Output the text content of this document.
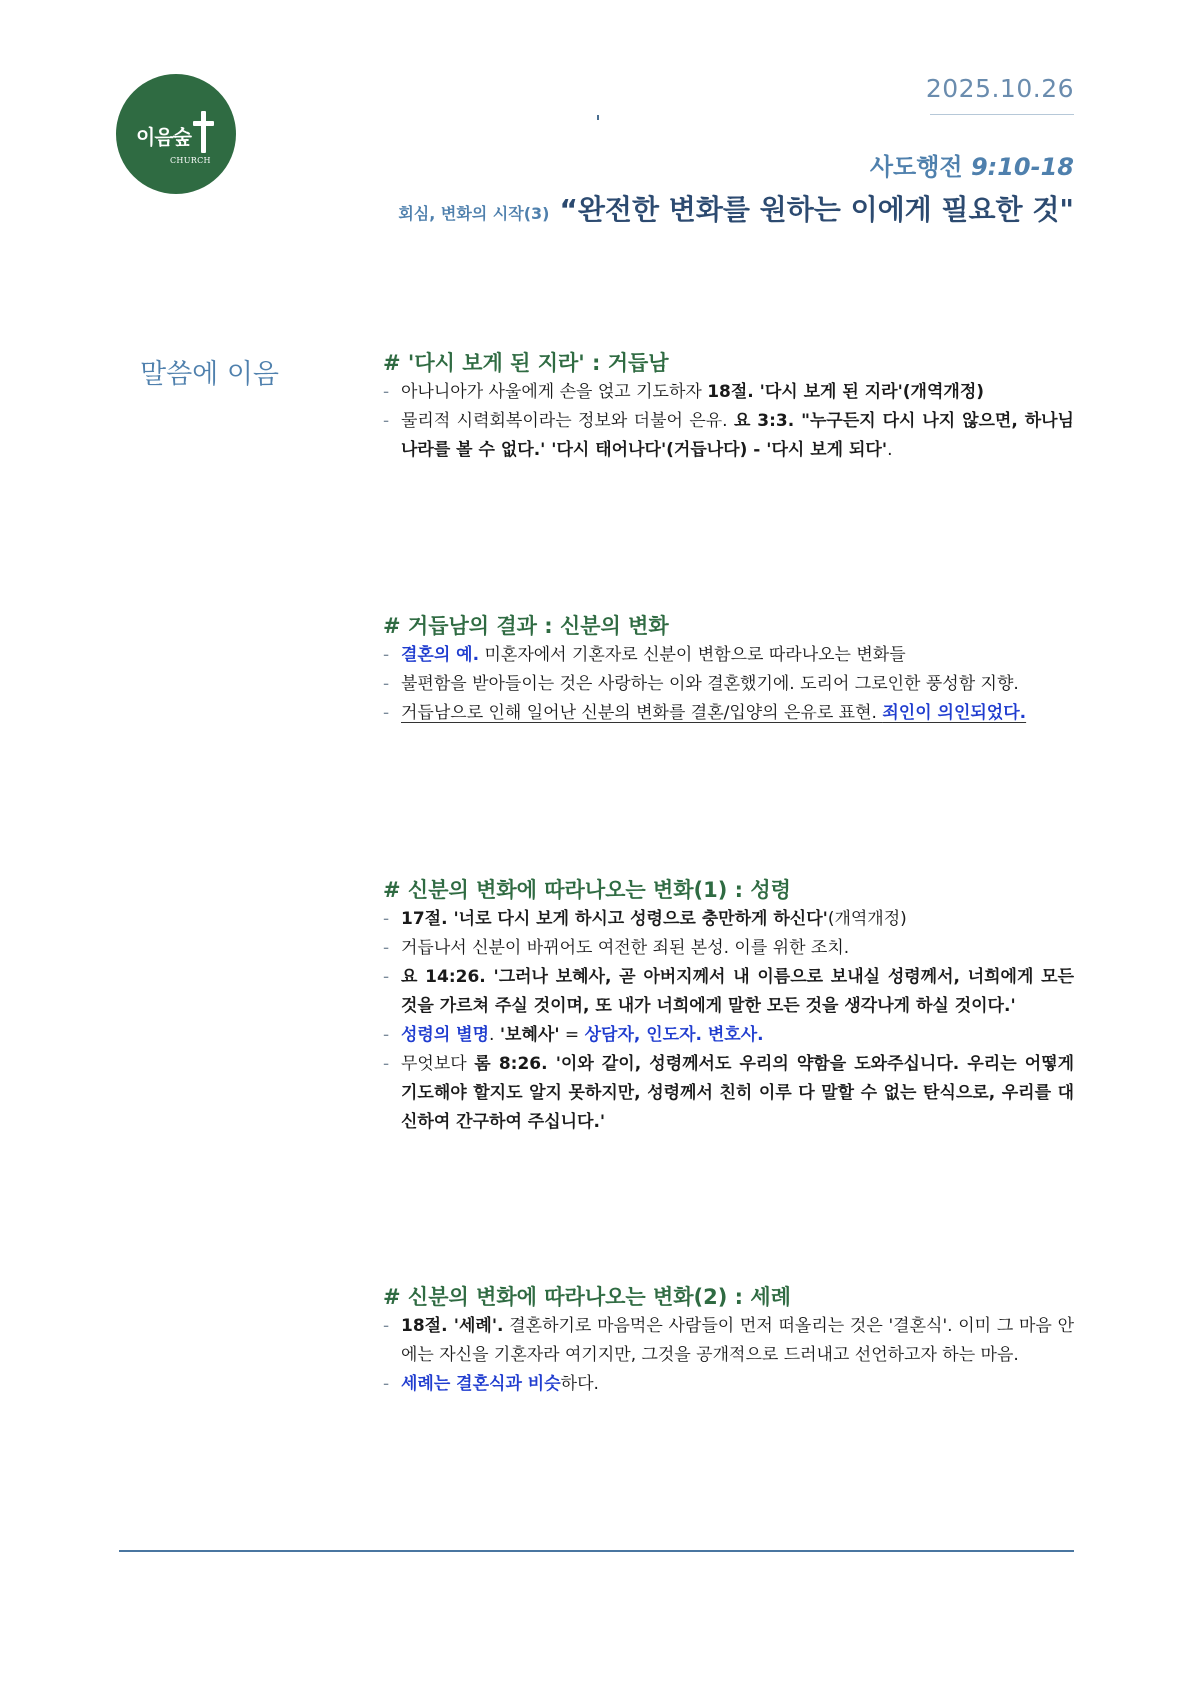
이음숲
CHURCH
2025.10.26
사도행전 9:10-18
회심, 변화의 시작(3) “완전한 변화를 원하는 이에게 필요한 것"
말씀에 이음	# '다시 보게 된 지라' : 거듭남
- 아나니아가 사울에게 손을 얹고 기도하자 18절. '다시 보게 된 지라'(개역개정)
- 물리적 시력회복이라는 정보와 더불어 은유. 요 3:3. "누구든지 다시 나지 않으면, 하나님 나라를 볼 수 없다.' '다시 태어나다'(거듭나다) - '다시 보게 되다'.
# 거듭남의 결과 : 신분의 변화
- 결혼의 예. 미혼자에서 기혼자로 신분이 변함으로 따라나오는 변화들
- 불편함을 받아들이는 것은 사랑하는 이와 결혼했기에. 도리어 그로인한 풍성함 지향.
- 거듭남으로 인해 일어난 신분의 변화를 결혼/입양의 은유로 표현. 죄인이 의인되었다.
# 신분의 변화에 따라나오는 변화(1) : 성령
- 17절. '너로 다시 보게 하시고 성령으로 충만하게 하신다'(개역개정)
- 거듭나서 신분이 바뀌어도 여전한 죄된 본성. 이를 위한 조치.
- 요 14:26. '그러나 보혜사, 곧 아버지께서 내 이름으로 보내실 성령께서, 너희에게 모든 것을 가르쳐 주실 것이며, 또 내가 너희에게 말한 모든 것을 생각나게 하실 것이다.'
- 성령의 별명. '보혜사' = 상담자, 인도자. 변호사.
- 무엇보다 롬 8:26. '이와 같이, 성령께서도 우리의 약함을 도와주십니다. 우리는 어떻게 기도해야 할지도 알지 못하지만, 성령께서 친히 이루 다 말할 수 없는 탄식으로, 우리를 대신하여 간구하여 주십니다.'
# 신분의 변화에 따라나오는 변화(2) : 세례
- 18절. '세례'. 결혼하기로 마음먹은 사람들이 먼저 떠올리는 것은 '결혼식'. 이미 그 마음 안에는 자신을 기혼자라 여기지만, 그것을 공개적으로 드러내고 선언하고자 하는 마음.
- 세례는 결혼식과 비슷하다.
